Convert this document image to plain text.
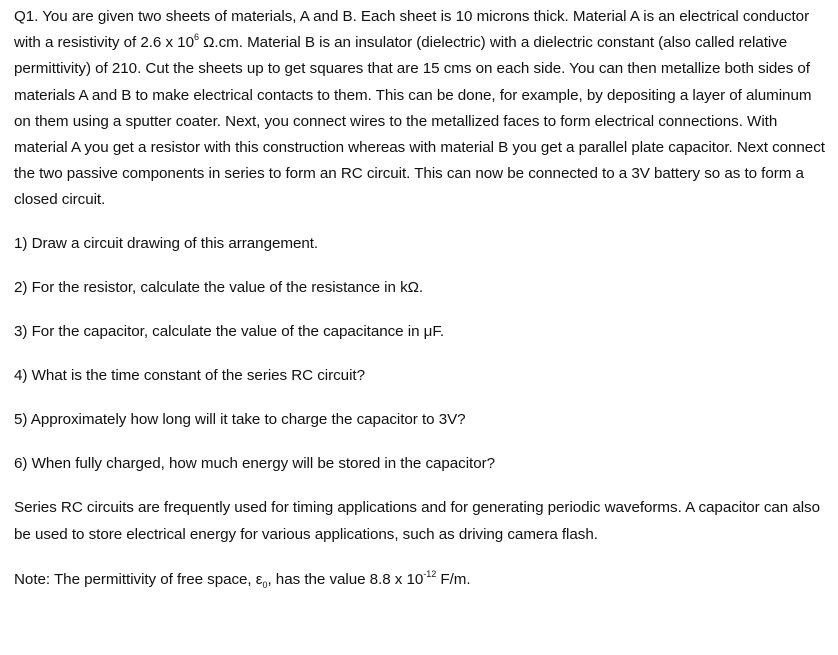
Q1. You are given two sheets of materials, A and B. Each sheet is 10 microns thick. Material A is an electrical conductor with a resistivity of 2.6 x $10^6$ Ω.cm. Material B is an insulator (dielectric) with a dielectric constant (also called relative permittivity) of 210. Cut the sheets up to get squares that are 15 cms on each side. You can then metallize both sides of materials A and B to make electrical contacts to them. This can be done, for example, by depositing a layer of aluminum on them using a sputter coater. Next, you connect wires to the metallized faces to form electrical connections. With material A you get a resistor with this construction whereas with material B you get a parallel plate capacitor. Next connect the two passive components in series to form an RC circuit. This can now be connected to a 3V battery so as to form a closed circuit.

1) Draw a circuit drawing of this arrangement.

2) For the resistor, calculate the value of the resistance in kΩ.

3) For the capacitor, calculate the value of the capacitance in μF.

4) What is the time constant of the series RC circuit?

5) Approximately how long will it take to charge the capacitor to 3V?

6) When fully charged, how much energy will be stored in the capacitor?

Series RC circuits are frequently used for timing applications and for generating periodic waveforms. A capacitor can also be used to store electrical energy for various applications, such as driving camera flash.

Note: The permittivity of free space, $\varepsilon_0$, has the value 8.8 x $10^{-12}$ F/m.
